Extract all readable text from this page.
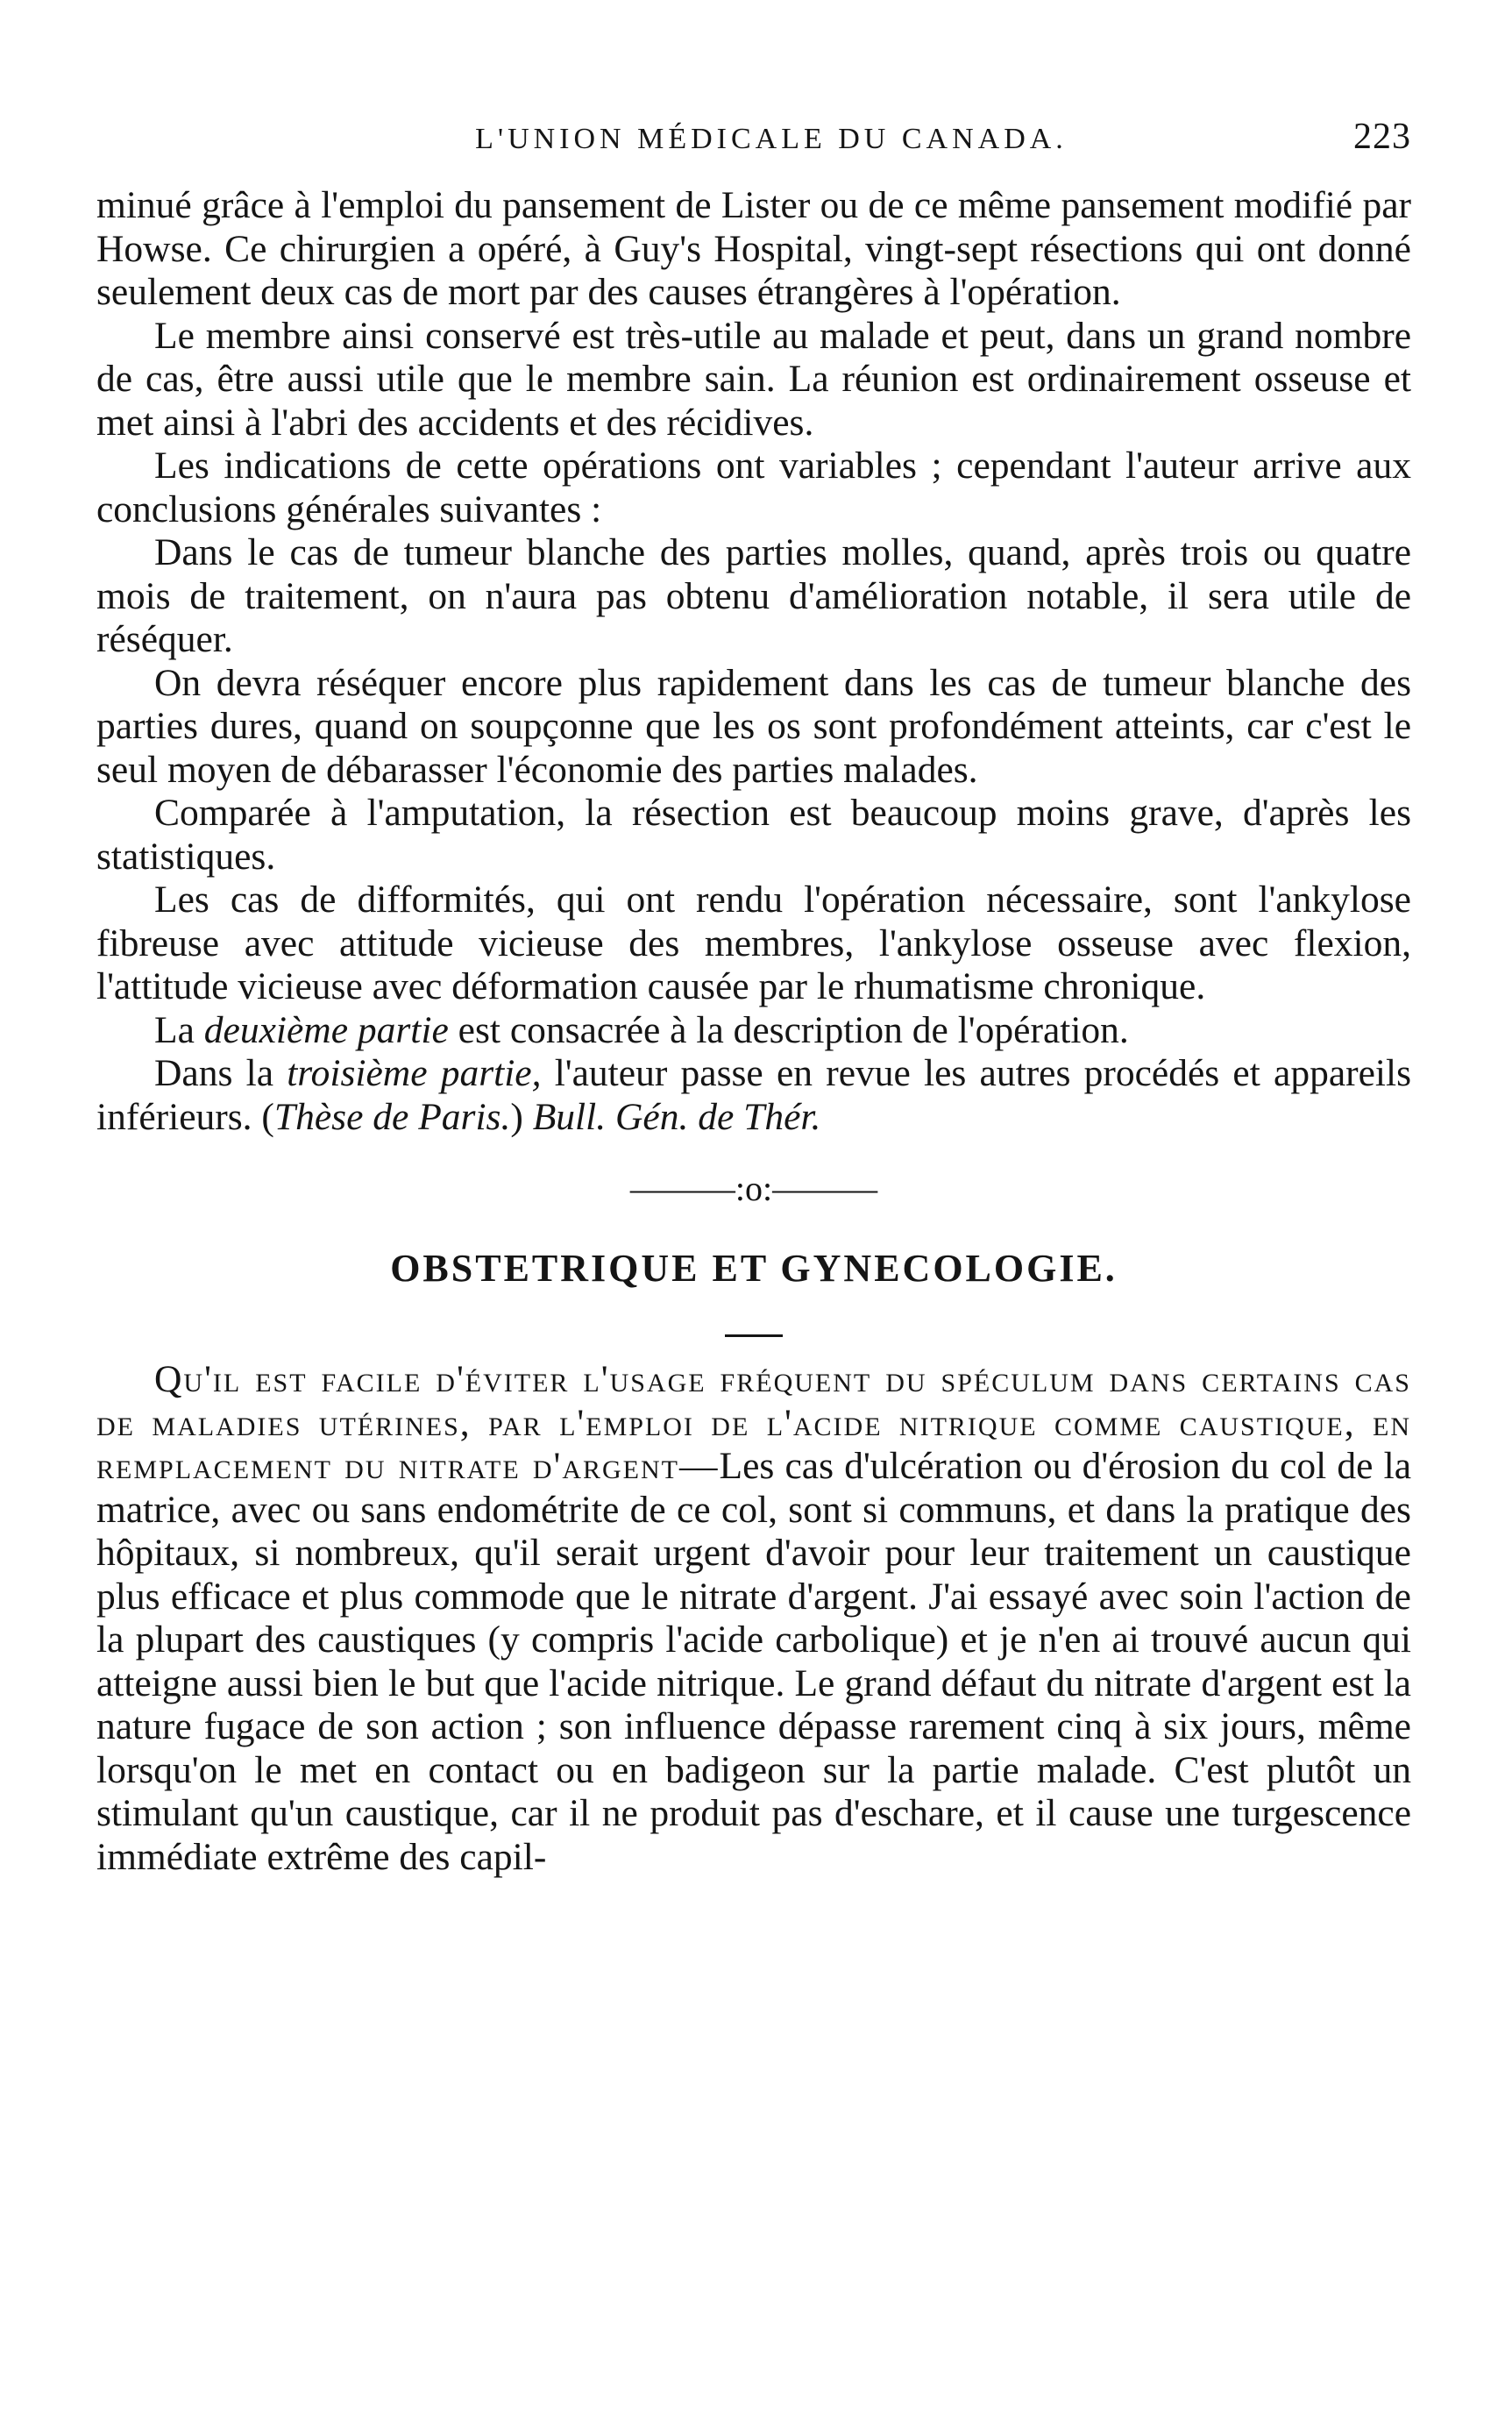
L'UNION MÉDICALE DU CANADA.	223

minué grâce à l'emploi du pansement de Lister ou de ce même pansement modifié par Howse. Ce chirurgien a opéré, à Guy's Hospital, vingt-sept résections qui ont donné seulement deux cas de mort par des causes étrangères à l'opération.

Le membre ainsi conservé est très-utile au malade et peut, dans un grand nombre de cas, être aussi utile que le membre sain. La réunion est ordinairement osseuse et met ainsi à l'abri des accidents et des récidives.

Les indications de cette opérations ont variables ; cependant l'auteur arrive aux conclusions générales suivantes :

Dans le cas de tumeur blanche des parties molles, quand, après trois ou quatre mois de traitement, on n'aura pas obtenu d'amélioration notable, il sera utile de réséquer.

On devra réséquer encore plus rapidement dans les cas de tumeur blanche des parties dures, quand on soupçonne que les os sont profondément atteints, car c'est le seul moyen de débarasser l'économie des parties malades.

Comparée à l'amputation, la résection est beaucoup moins grave, d'après les statistiques.

Les cas de difformités, qui ont rendu l'opération nécessaire, sont l'ankylose fibreuse avec attitude vicieuse des membres, l'ankylose osseuse avec flexion, l'attitude vicieuse avec déformation causée par le rhumatisme chronique.

La deuxième partie est consacrée à la description de l'opération.

Dans la troisième partie, l'auteur passe en revue les autres procédés et appareils inférieurs. (Thèse de Paris.) Bull. Gén. de Thér.

———:o:———
OBSTETRIQUE ET GYNECOLOGIE.

Qu'il est facile d'éviter l'usage fréquent du spéculum dans certains cas de maladies utérines, par l'emploi de l'acide nitrique comme caustique, en remplacement du nitrate d'argent—Les cas d'ulcération ou d'érosion du col de la matrice, avec ou sans endométrite de ce col, sont si communs, et dans la pratique des hôpitaux, si nombreux, qu'il serait urgent d'avoir pour leur traitement un caustique plus efficace et plus commode que le nitrate d'argent. J'ai essayé avec soin l'action de la plupart des caustiques (y compris l'acide carbolique) et je n'en ai trouvé aucun qui atteigne aussi bien le but que l'acide nitrique. Le grand défaut du nitrate d'argent est la nature fugace de son action ; son influence dépasse rarement cinq à six jours, même lorsqu'on le met en contact ou en badigeon sur la partie malade. C'est plutôt un stimulant qu'un caustique, car il ne produit pas d'eschare, et il cause une turgescence immédiate extrême des capil-
